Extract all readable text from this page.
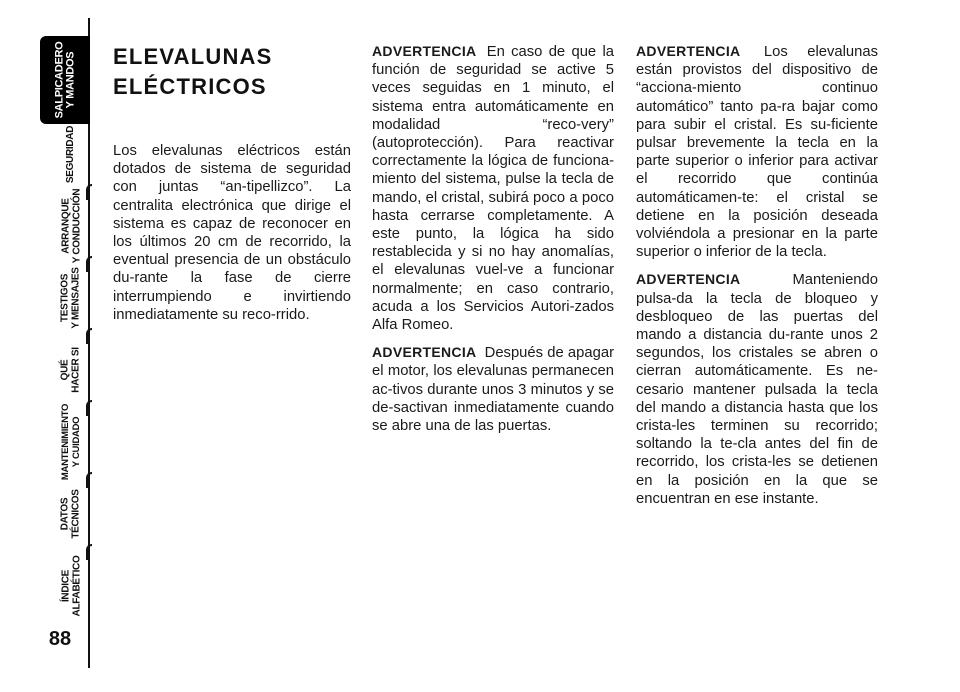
SALPICADERO
Y MANDOS
SEGURIDAD
ARRANQUE
Y CONDUCCIÓN
TESTIGOS
Y MENSAJES
QUÉ
HACER SI
MANTENIMIENTO
Y CUIDADO
DATOS
TÉCNICOS
ÍNDICE
ALFABÉTICO
88
ELEVALUNAS
ELÉCTRICOS

Los elevalunas eléctricos están dotados de sistema de seguridad con juntas “an-tipellizco”. La centralita electrónica que dirige el sistema es capaz de reconocer en los últimos 20 cm de recorrido, la eventual presencia de un obstáculo du-rante la fase de cierre interrumpiendo e invirtiendo inmediatamente su reco-rrido.

ADVERTENCIA En caso de que la función de seguridad se active 5 veces seguidas en 1 minuto, el sistema entra automáticamente en modalidad “reco-very” (autoprotección). Para reactivar correctamente la lógica de funciona-miento del sistema, pulse la tecla de mando, el cristal, subirá poco a poco hasta cerrarse completamente. A este punto, la lógica ha sido restablecida y si no hay anomalías, el elevalunas vuel-ve a funcionar normalmente; en caso contrario, acuda a los Servicios Autori-zados Alfa Romeo.

ADVERTENCIA Después de apagar el motor, los elevalunas permanecen ac-tivos durante unos 3 minutos y se de-sactivan inmediatamente cuando se abre una de las puertas.

ADVERTENCIA Los elevalunas están provistos del dispositivo de “acciona-miento continuo automático” tanto pa-ra bajar como para subir el cristal. Es su-ficiente pulsar brevemente la tecla en la parte superior o inferior para activar el recorrido que continúa automáticamen-te: el cristal se detiene en la posición deseada volviéndola a presionar en la parte superior o inferior de la tecla.

ADVERTENCIA	Manteniendo pulsa-da la tecla de bloqueo y desbloqueo de las puertas del mando a distancia du-rante unos 2 segundos, los cristales se abren o cierran automáticamente. Es ne-cesario mantener pulsada la tecla del mando a distancia hasta que los crista-les terminen su recorrido; soltando la te-cla antes del fin de recorrido, los crista-les se detienen en la posición en la que se encuentran en ese instante.
